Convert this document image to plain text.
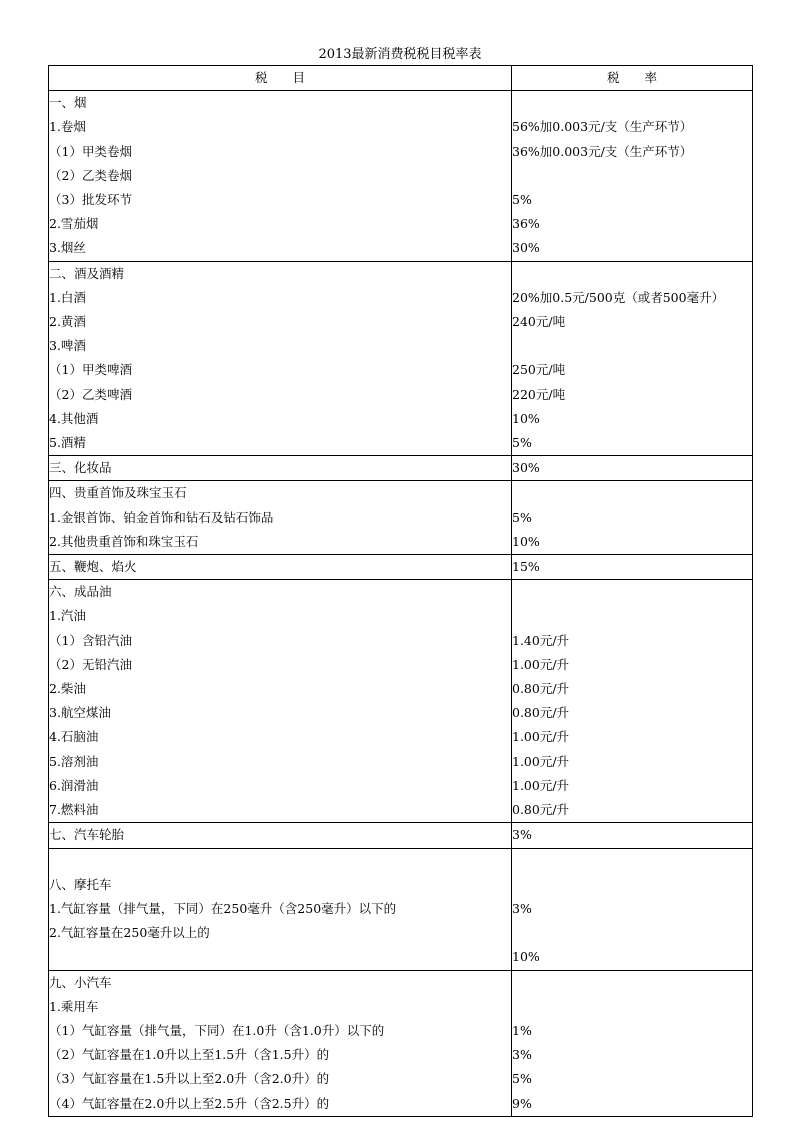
2013最新消费税税目税率表
税　　目	税　　率
一、烟	
1.卷烟	56%加0.003元/支（生产环节）
（1）甲类卷烟	36%加0.003元/支（生产环节）
（2）乙类卷烟	
（3）批发环节	5%
2.雪茄烟	36%
3.烟丝	30%
二、酒及酒精	
1.白酒	20%加0.5元/500克（或者500毫升）
2.黄酒	240元/吨
3.啤酒	
（1）甲类啤酒	250元/吨
（2）乙类啤酒	220元/吨
4.其他酒	10%
5.酒精	5%
三、化妆品	30%
四、贵重首饰及珠宝玉石	
1.金银首饰、铂金首饰和钻石及钻石饰品	5%
2.其他贵重首饰和珠宝玉石	10%
五、鞭炮、焰火	15%
六、成品油	
1.汽油	
（1）含铅汽油	1.40元/升
（2）无铅汽油	1.00元/升
2.柴油	0.80元/升
3.航空煤油	0.80元/升
4.石脑油	1.00元/升
5.溶剂油	1.00元/升
6.润滑油	1.00元/升
7.燃料油	0.80元/升
七、汽车轮胎	3%

八、摩托车	
1.气缸容量（排气量，下同）在250毫升（含250毫升）以下的	3%
2.气缸容量在250毫升以上的	
	10%
九、小汽车	
1.乘用车	
（1）气缸容量（排气量，下同）在1.0升（含1.0升）以下的	1%
（2）气缸容量在1.0升以上至1.5升（含1.5升）的	3%
（3）气缸容量在1.5升以上至2.0升（含2.0升）的	5%
（4）气缸容量在2.0升以上至2.5升（含2.5升）的	9%
